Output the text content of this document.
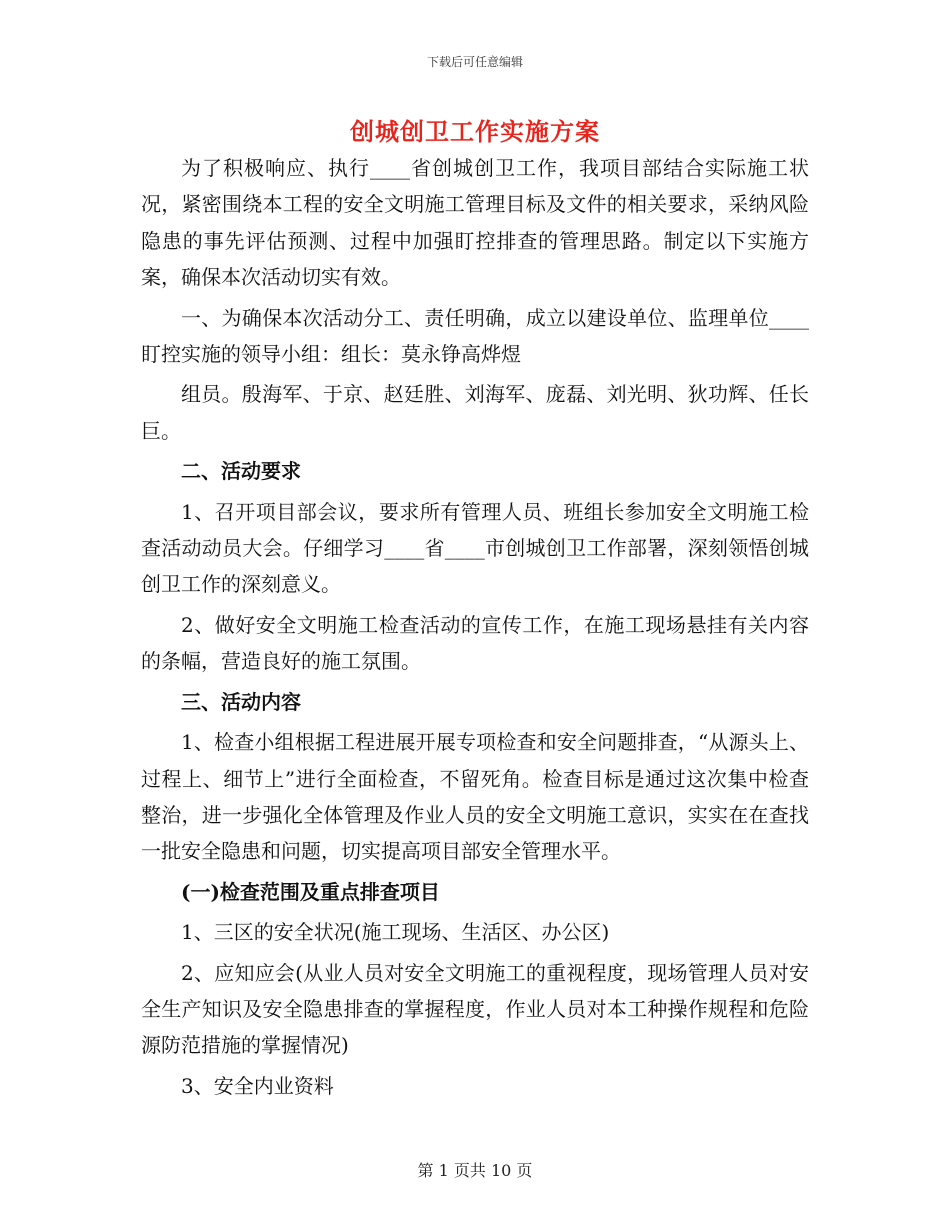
下载后可任意编辑
创城创卫工作实施方案

为了积极响应、执行____省创城创卫工作，我项目部结合实际施工状况，紧密围绕本工程的安全文明施工管理目标及文件的相关要求，采纳风险隐患的事先评估预测、过程中加强盯控排查的管理思路。制定以下实施方案，确保本次活动切实有效。

一、为确保本次活动分工、责任明确，成立以建设单位、监理单位____盯控实施的领导小组：组长：莫永铮高烨煜

组员。殷海军、于京、赵廷胜、刘海军、庞磊、刘光明、狄功辉、任长巨。

二、活动要求

1、召开项目部会议，要求所有管理人员、班组长参加安全文明施工检查活动动员大会。仔细学习____省____市创城创卫工作部署，深刻领悟创城创卫工作的深刻意义。

2、做好安全文明施工检查活动的宣传工作，在施工现场悬挂有关内容的条幅，营造良好的施工氛围。

三、活动内容

1、检查小组根据工程进展开展专项检查和安全问题排查，“从源头上、过程上、细节上”进行全面检查，不留死角。检查目标是通过这次集中检查整治，进一步强化全体管理及作业人员的安全文明施工意识，实实在在查找一批安全隐患和问题，切实提高项目部安全管理水平。

(一)检查范围及重点排查项目

1、三区的安全状况(施工现场、生活区、办公区)

2、应知应会(从业人员对安全文明施工的重视程度，现场管理人员对安全生产知识及安全隐患排查的掌握程度，作业人员对本工种操作规程和危险源防范措施的掌握情况)

3、安全内业资料

第 1 页共 10 页
